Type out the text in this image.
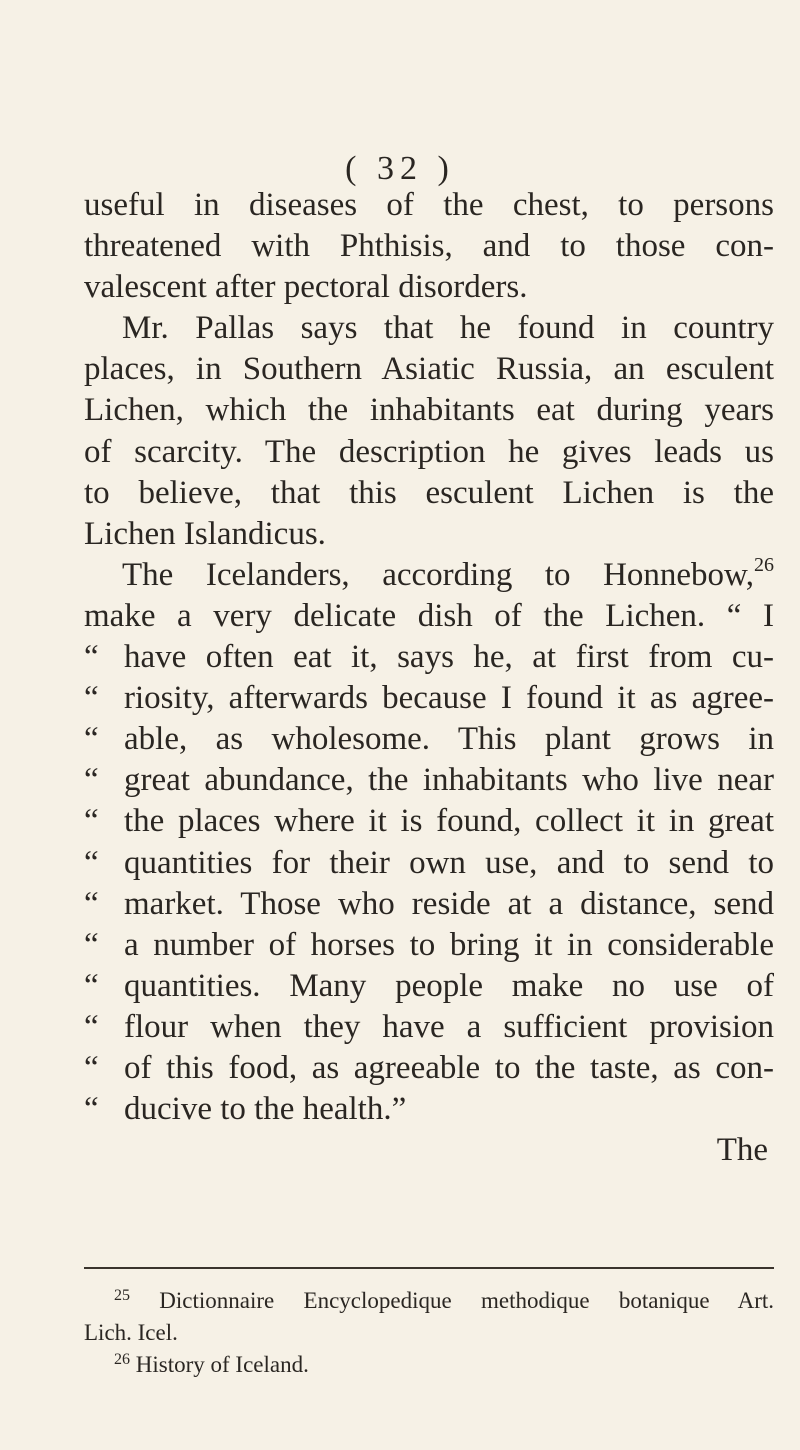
( 32 )
useful in diseases of the chest, to persons
threatened with Phthisis, and to those con-
valescent after pectoral disorders.
Mr. Pallas says that he found in country
places, in Southern Asiatic Russia, an esculent
Lichen, which the inhabitants eat during years
of scarcity. The description he gives leads us
to believe, that this esculent Lichen is the
Lichen Islandicus.
The Icelanders, according to Honnebow,$^{26}$
make a very delicate dish of the Lichen. “ I
“ have often eat it, says he, at first from cu-
“ riosity, afterwards because I found it as agree-
“ able, as wholesome. This plant grows in
“ great abundance, the inhabitants who live near
“ the places where it is found, collect it in great
“ quantities for their own use, and to send to
“ market. Those who reside at a distance, send
“ a number of horses to bring it in considerable
“ quantities. Many people make no use of
“ flour when they have a sufficient provision
“ of this food, as agreeable to the taste, as con-
“ ducive to the health.”
The
$^{25}$ Dictionnaire Encyclopedique methodique botanique Art.
Lich. Icel.
$^{26}$ History of Iceland.
